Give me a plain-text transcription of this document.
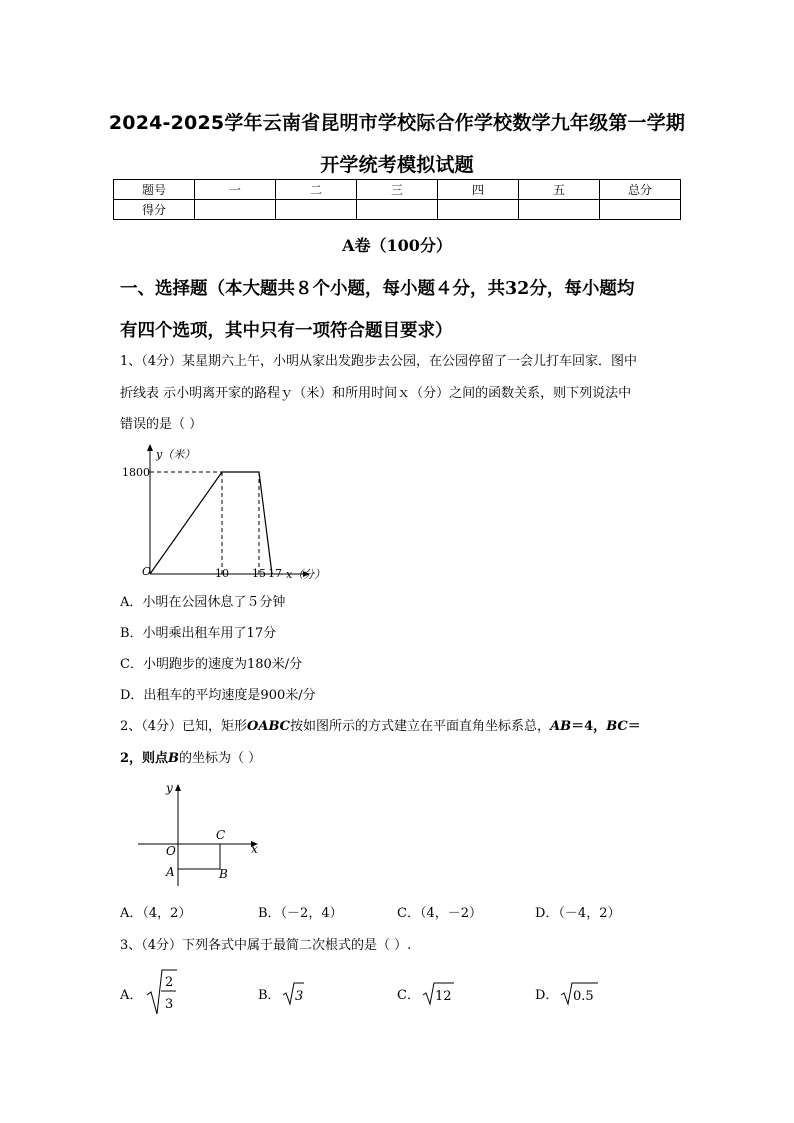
2024-2025学年云南省昆明市学校际合作学校数学九年级第一学期
开学统考模拟试题
题号	一	二	三	四	五	总分
得分						
A卷（100分）
一、选择题（本大题共８个小题，每小题４分，共32分，每小题均
有四个选项，其中只有一项符合题目要求）
1、（4分）某星期六上午，小明从家出发跑步去公园，在公园停留了一会儿打车回家．图中
折线表 示小明离开家的路程ｙ（米）和所用时间ｘ（分）之间的函数关系，则下列说法中
错误的是（ ）
y（米）
1800
O	10 15 17 x（分）
A．小明在公园休息了５分钟
B．小明乘出租车用了17分
C．小明跑步的速度为180米/分
D．出租车的平均速度是900米/分
2、（4分）已知，矩形OABC按如图所示的方式建立在平面直角坐标系总，AB＝4，BC＝
2，则点B的坐标为（ ）
y
x
O
C
A	B
A．（4，2）	B．（－2，4）	C．（4，－2）	D．（－4，2）
3、（4分）下列各式中属于最简二次根式的是（ ）.
A．
2
3
B． 3	C． 12	D． 0.5
